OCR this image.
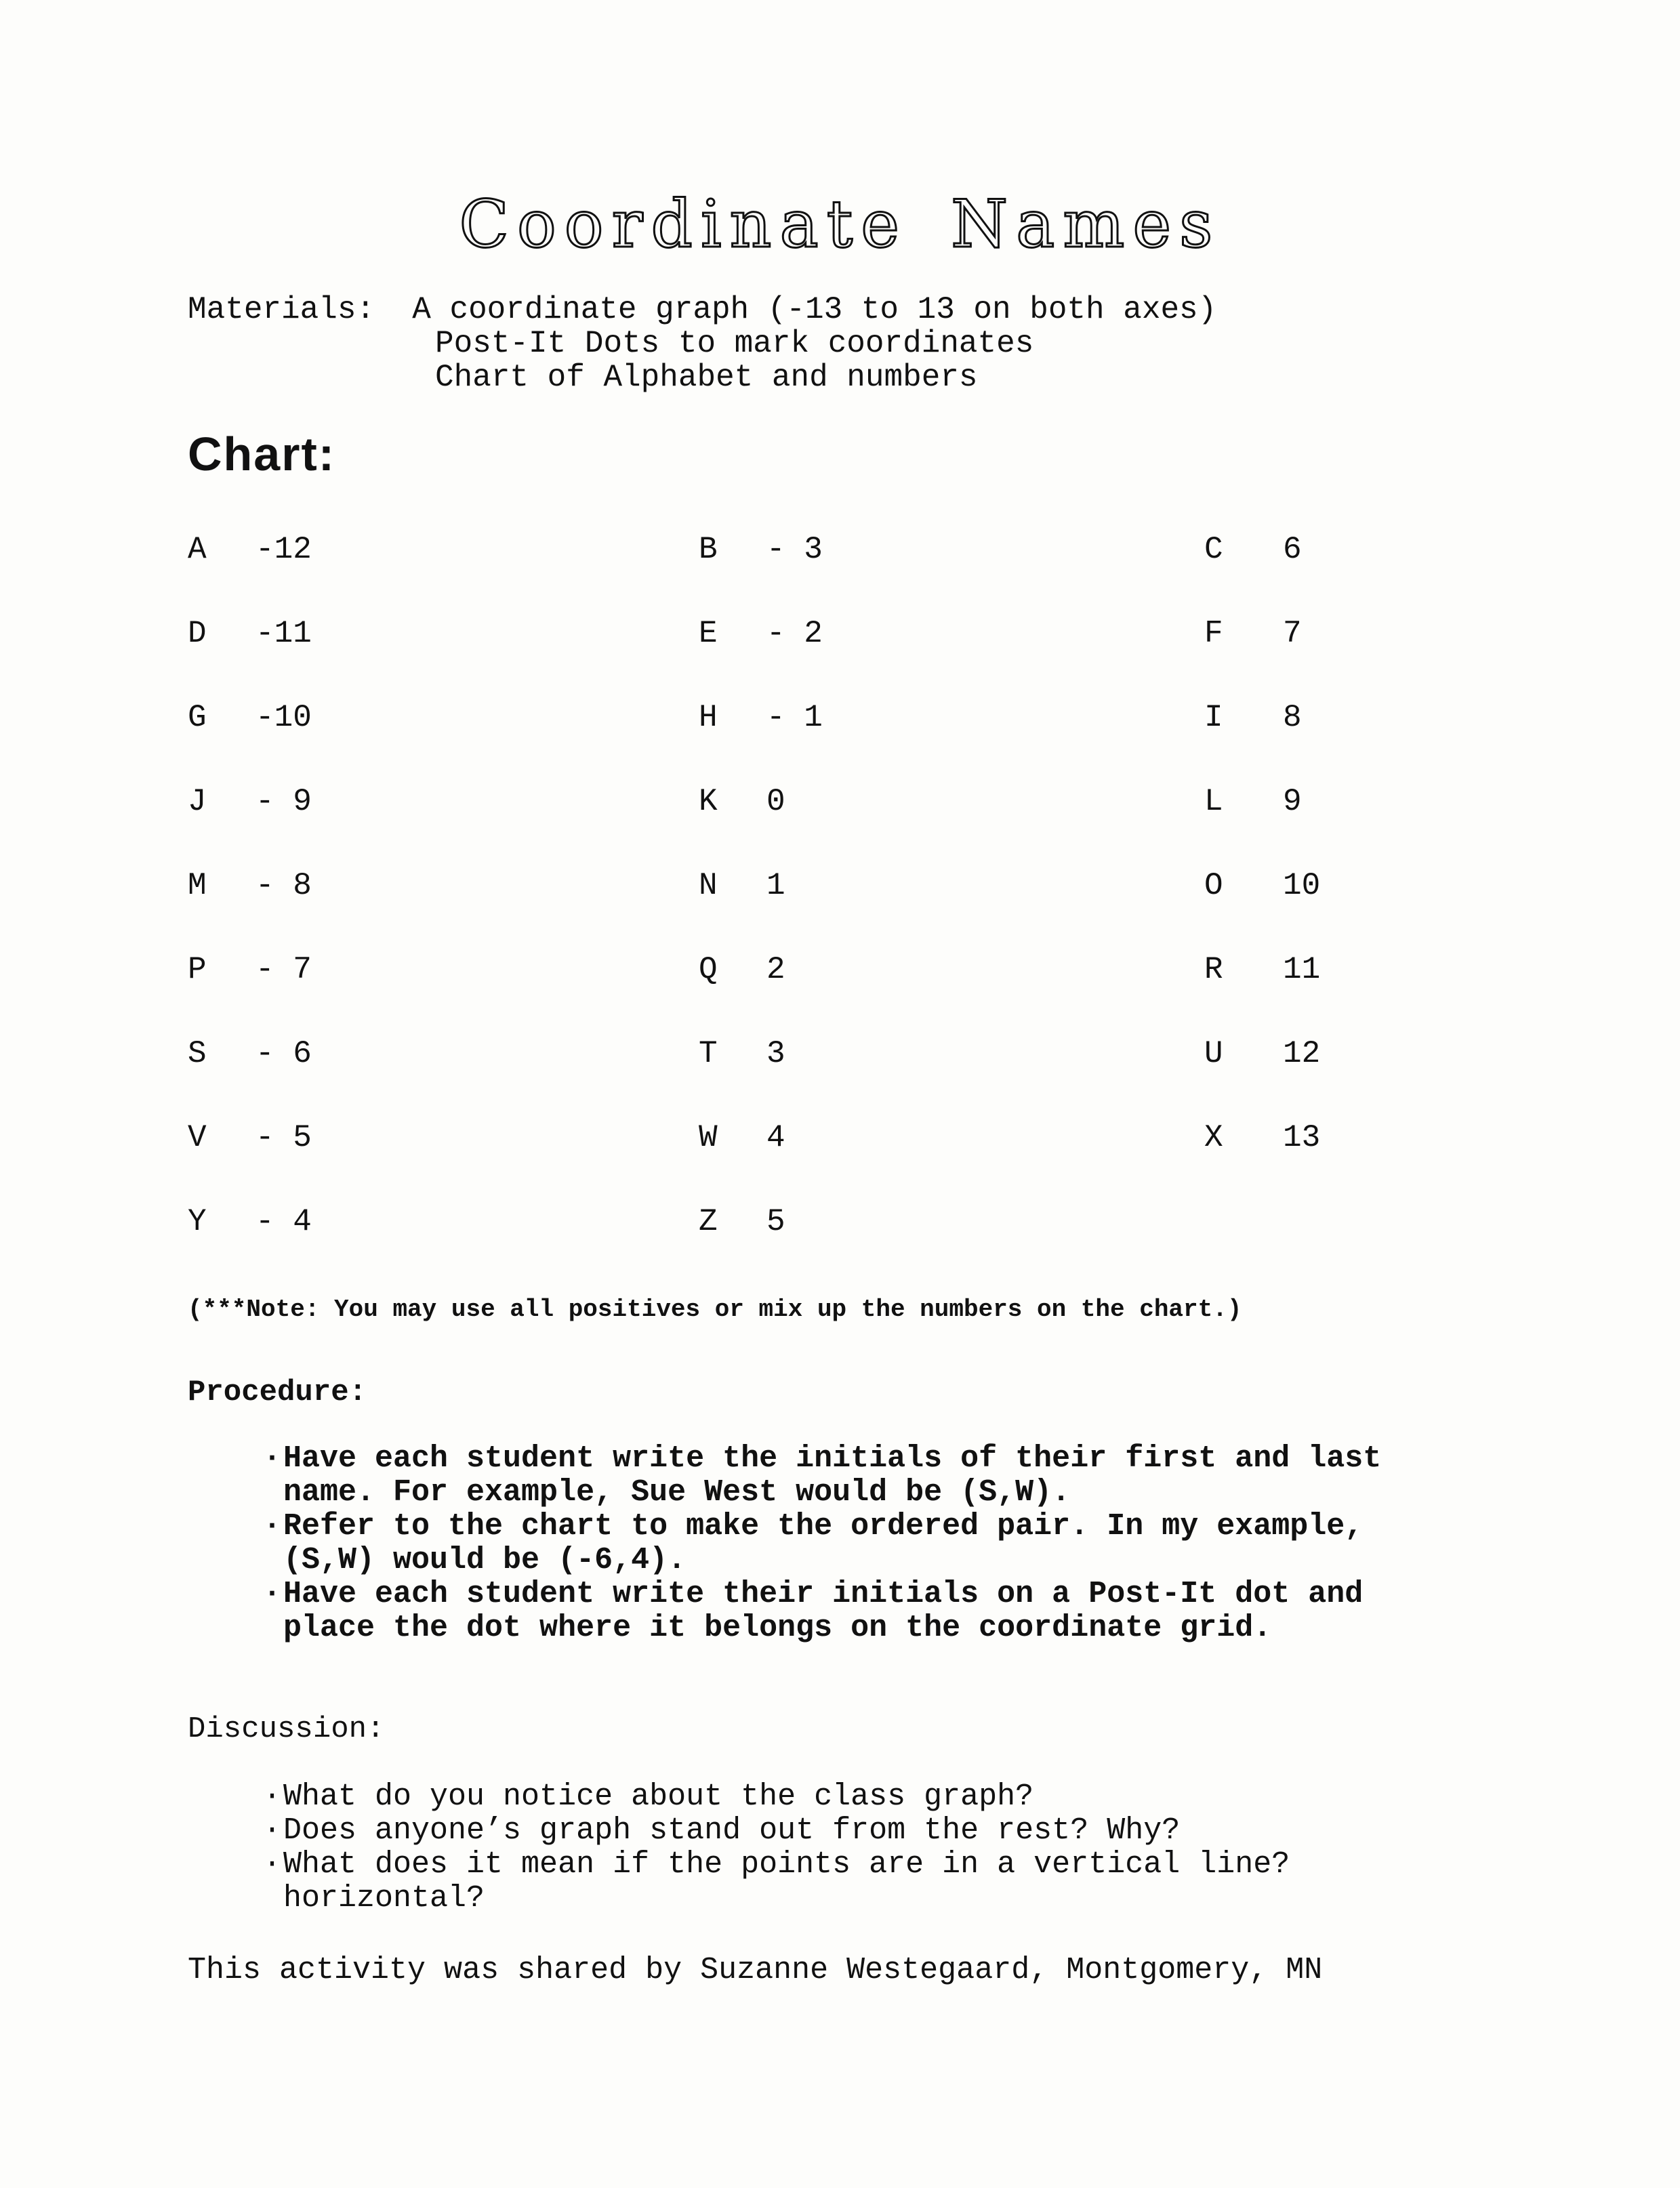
Coordinate Names
Materials: A coordinate graph (-13 to 13 on both axes)
Post-It Dots to mark coordinates
Chart of Alphabet and numbers
Chart:
A -12	B - 3	C 6
D -11	E - 2	F 7
G -10	H - 1	I 8
J - 9	K 0	L 9
M - 8	N 1	O 10
P - 7	Q 2	R 11
S - 6	T 3	U 12
V - 5	W 4	X 13
Y - 4	Z 5
(***Note: You may use all positives or mix up the numbers on the chart.)
Procedure:
· Have each student write the initials of their first and last name. For example, Sue West would be (S,W).
· Refer to the chart to make the ordered pair. In my example, (S,W) would be (-6,4).
· Have each student write their initials on a Post-It dot and place the dot where it belongs on the coordinate grid.
Discussion:
· What do you notice about the class graph?
· Does anyone’s graph stand out from the rest? Why?
· What does it mean if the points are in a vertical line? horizontal?
This activity was shared by Suzanne Westegaard, Montgomery, MN
